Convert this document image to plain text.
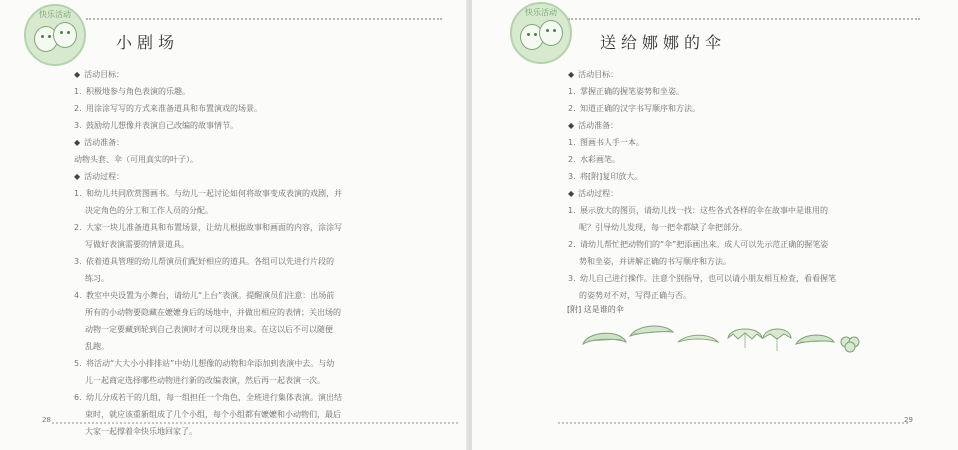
快乐活动
小剧场
◆ 活动目标：
1. 积极地参与角色表演的乐趣。
2. 用涂涂写写的方式来准备道具和布置演戏的场景。
3. 鼓励幼儿想像并表演自己改编的故事情节。
◆ 活动准备：
动物头套、伞（可用真实的叶子）。
◆ 活动过程：
1. 和幼儿共同欣赏图画书。与幼儿一起讨论如何将故事变成表演的戏剧，并
决定角色的分工和工作人员的分配。
2. 大家一块儿准备道具和布置场景，让幼儿根据故事和画面的内容，涂涂写
写做好表演需要的情景道具。
3. 依着道具管理的幼儿帮演员们配好相应的道具。各组可以先进行片段的
练习。
4. 教室中央设置为小舞台，请幼儿“上台”表演。提醒演员们注意：出场前
所有的小动物要隐藏在嬷嬷身后的场地中，并做出相应的表情；关出场的
动物一定要藏到轮到自己表演时才可以现身出来。在这以后不可以随便
乱跑。
5. 将活动“大大小小排排站”中幼儿想像的动物和伞添加到表演中去。与幼
儿一起商定选择哪些动物进行新的改编表演，然后再一起表演一次。
6. 幼儿分成若干的几组，每一组担任一个角色，全班进行集体表演。演出结
束时，就应该重新组成了几个小组，每个小组都有嬷嬷和小动物们，最后
大家一起撑着伞快乐地回家了。
28
快乐活动
送给娜娜的伞
◆ 活动目标：
1. 掌握正确的握笔姿势和坐姿。
2. 知道正确的汉字书写顺序和方法。
◆ 活动准备：
1. 图画书人手一本。
2. 水彩画笔。
3. 将[附]复印放大。
◆ 活动过程：
1. 展示放大的图页，请幼儿找一找：这些各式各样的伞在故事中是谁用的
呢？引导幼儿发现，每一把伞都缺了伞把部分。
2. 请幼儿帮忙把动物们的“伞”把添画出来。成人可以先示范正确的握笔姿
势和坐姿，并讲解正确的书写顺序和方法。
3. 幼儿自己进行操作。注意个别指导，也可以请小朋友相互检查，看看握笔
的姿势对不对，写得正确与否。
29
[附] 这是谁的伞
